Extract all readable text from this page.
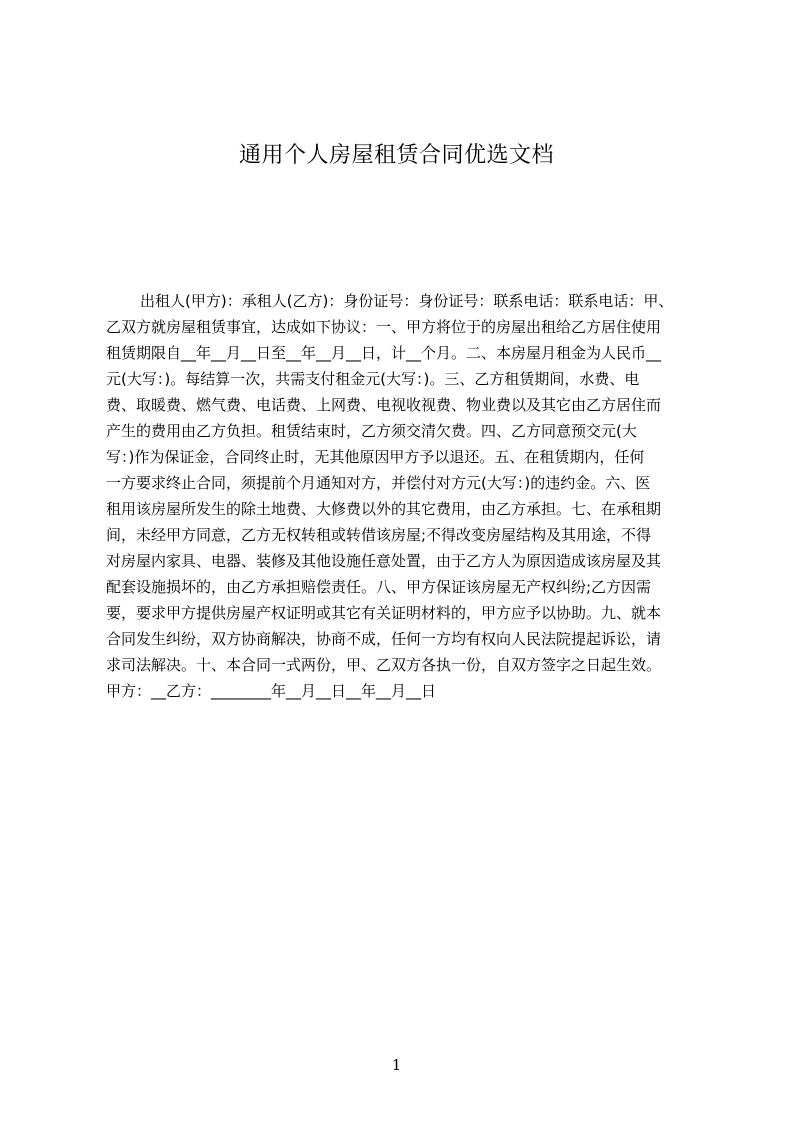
通用个人房屋租赁合同优选文档
出租人(甲方)：承租人(乙方)：身份证号：身份证号：联系电话：联系电话：甲、
乙双方就房屋租赁事宜，达成如下协议：一、甲方将位于的房屋出租给乙方居住使用
租赁期限自__年__月__日至__年__月__日，计__个月。二、本房屋月租金为人民币__
元(大写：)。每结算一次，共需支付租金元(大写：)。三、乙方租赁期间，水费、电
费、取暖费、燃气费、电话费、上网费、电视收视费、物业费以及其它由乙方居住而
产生的费用由乙方负担。租赁结束时，乙方须交清欠费。四、乙方同意预交元(大
写：)作为保证金，合同终止时，无其他原因甲方予以退还。五、在租赁期内，任何
一方要求终止合同，须提前个月通知对方，并偿付对方元(大写：)的违约金。六、医
租用该房屋所发生的除土地费、大修费以外的其它费用，由乙方承担。七、在承租期
间，未经甲方同意，乙方无权转租或转借该房屋;不得改变房屋结构及其用途，不得
对房屋内家具、电器、装修及其他设施任意处置，由于乙方人为原因造成该房屋及其
配套设施损坏的，由乙方承担赔偿责任。八、甲方保证该房屋无产权纠纷;乙方因需
要，要求甲方提供房屋产权证明或其它有关证明材料的，甲方应予以协助。九、就本
合同发生纠纷，双方协商解决，协商不成，任何一方均有权向人民法院提起诉讼，请
求司法解决。十、本合同一式两份，甲、乙双方各执一份，自双方签字之日起生效。
甲方：__乙方：________年__月__日__年__月__日
1
